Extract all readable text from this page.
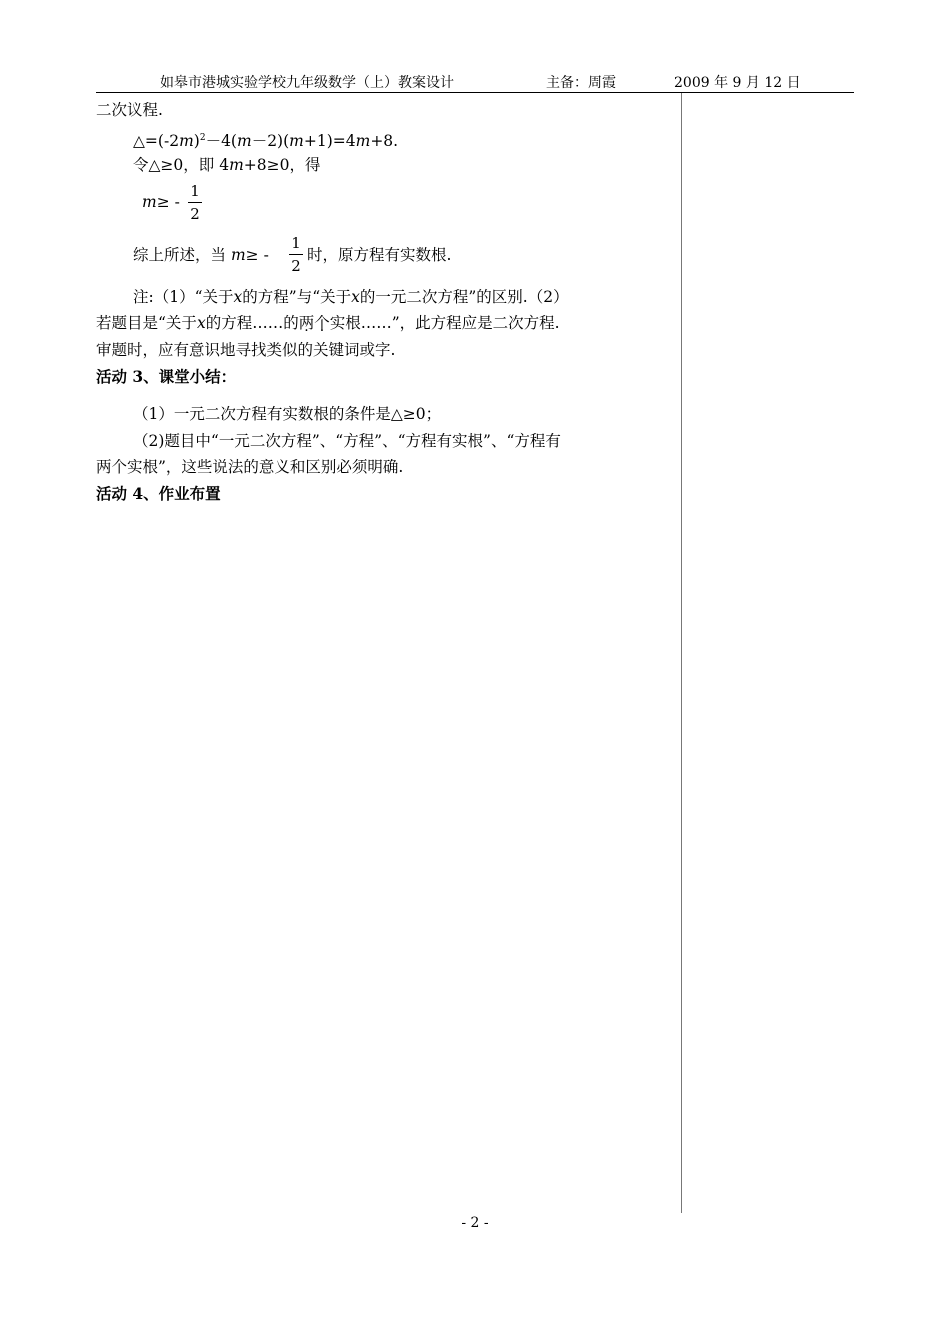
如皋市港城实验学校九年级数学（上）教案设计	主备：周霞	2009 年 9 月 12 日
二次议程.
$\triangle=(-2m)^2-4(m-2)(m+1)=4m+8$.
令△≥0，即 4m+8≥0，得
m≥ -
1
2
综上所述，当 m≥ -
1
2
时，原方程有实数根.
注:（1）“关于x的方程”与“关于x的一元二次方程”的区别.（2）
若题目是“关于x的方程……的两个实根……”，此方程应是二次方程.
审题时，应有意识地寻找类似的关键词或字.
活动 3、课堂小结：
（1）一元二次方程有实数根的条件是△≥0；
（2)题目中“一元二次方程”、“方程”、“方程有实根”、“方程有
两个实根”，这些说法的意义和区别必须明确.
活动 4、作业布置
- 2 -
